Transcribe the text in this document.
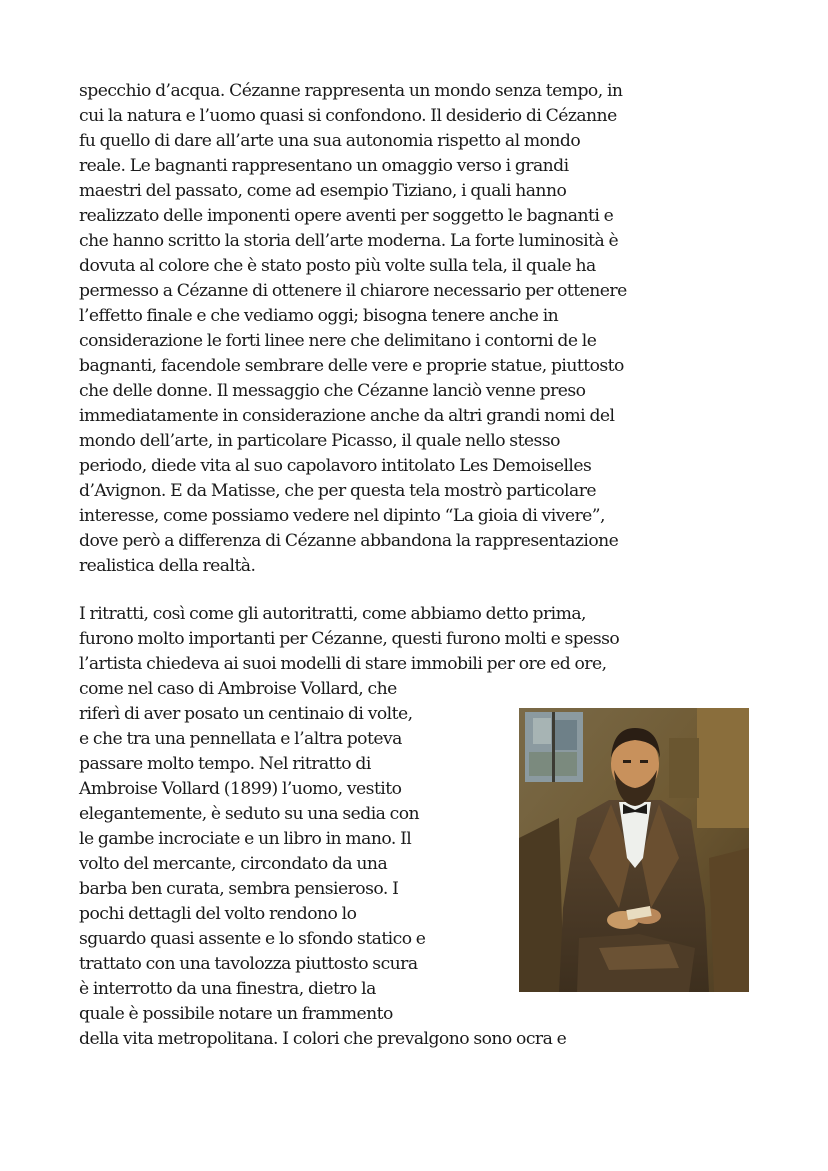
specchio d’acqua. Cézanne rappresenta un mondo senza tempo, in
cui la natura e l’uomo quasi si confondono. Il desiderio di Cézanne
fu quello di dare all’arte una sua autonomia rispetto al mondo
reale. Le bagnanti rappresentano un omaggio verso i grandi
maestri del passato, come ad esempio Tiziano, i quali hanno
realizzato delle imponenti opere aventi per soggetto le bagnanti e
che hanno scritto la storia dell’arte moderna. La forte luminosità è
dovuta al colore che è stato posto più volte sulla tela, il quale ha
permesso a Cézanne di ottenere il chiarore necessario per ottenere
l’effetto finale e che vediamo oggi; bisogna tenere anche in
considerazione le forti linee nere che delimitano i contorni de le
bagnanti, facendole sembrare delle vere e proprie statue, piuttosto
che delle donne. Il messaggio che Cézanne lanciò venne preso
immediatamente in considerazione anche da altri grandi nomi del
mondo dell’arte, in particolare Picasso, il quale nello stesso
periodo, diede vita al suo capolavoro intitolato Les Demoiselles
d’Avignon. E da Matisse, che per questa tela mostrò particolare
interesse, come possiamo vedere nel dipinto “La gioia di vivere”,
dove però a differenza di Cézanne abbandona la rappresentazione
realistica della realtà.
I ritratti, così come gli autoritratti, come abbiamo detto prima,
furono molto importanti per Cézanne, questi furono molti e spesso
l’artista chiedeva ai suoi modelli di stare immobili per ore ed ore,
come nel caso di Ambroise Vollard, che
riferì di aver posato un centinaio di volte,
e che tra una pennellata e l’altra poteva
passare molto tempo. Nel ritratto di
Ambroise Vollard (1899) l’uomo, vestito
elegantemente, è seduto su una sedia con
le gambe incrociate e un libro in mano. Il
volto del mercante, circondato da una
barba ben curata, sembra pensieroso. I
pochi dettagli del volto rendono lo
sguardo quasi assente e lo sfondo statico e
trattato con una tavolozza piuttosto scura
è interrotto da una finestra, dietro la
quale è possibile notare un frammento
della vita metropolitana. I colori che prevalgono sono ocra e
